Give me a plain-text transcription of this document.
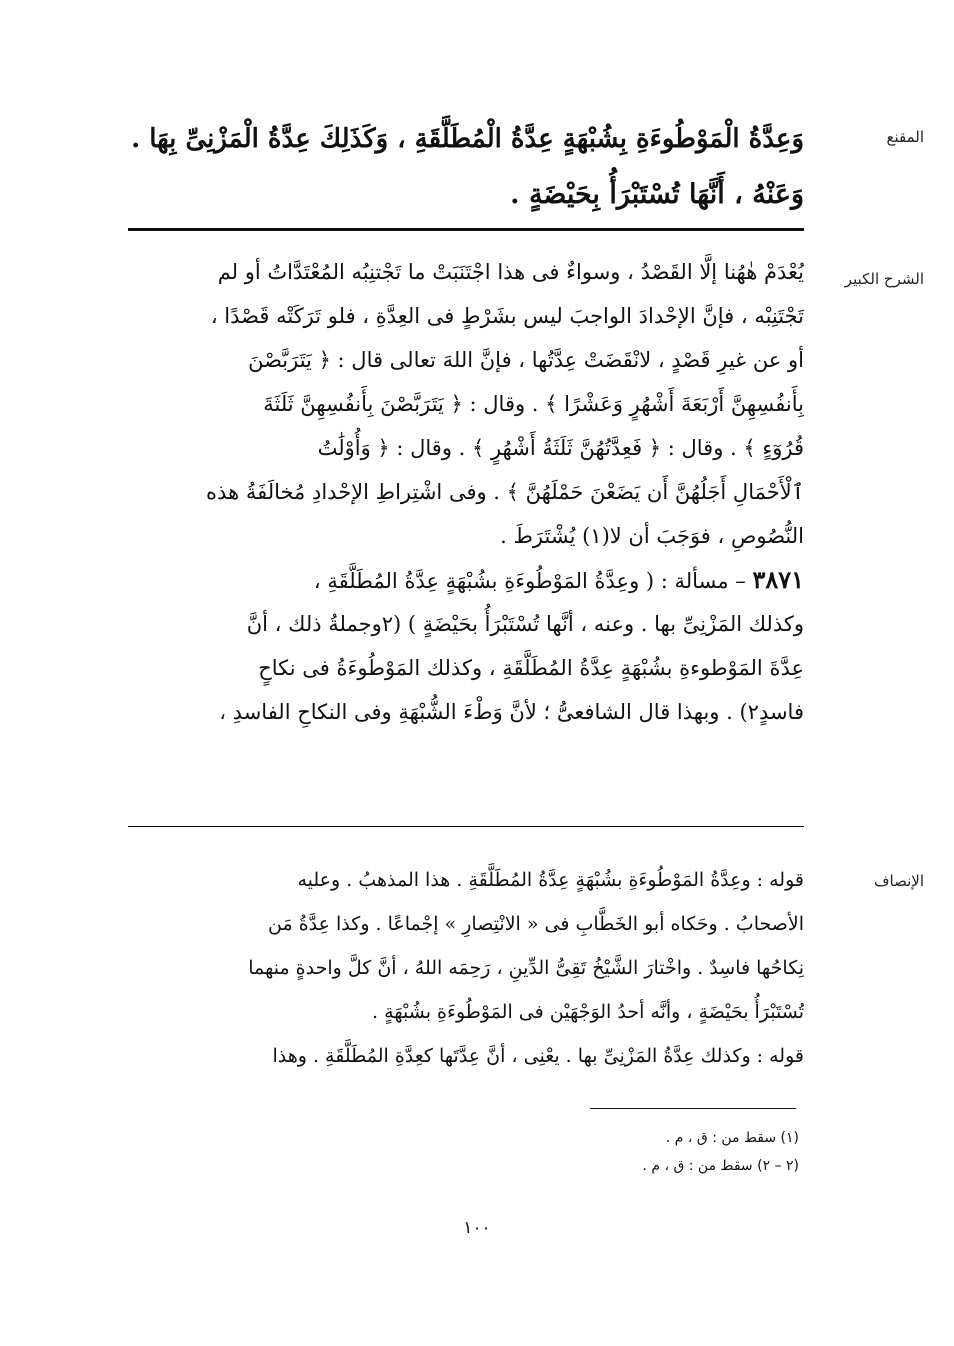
المقنع
وَعِدَّةُ الْمَوْطُوءَةِ بِشُبْهَةٍ عِدَّةُ الْمُطَلَّقَةِ ، وَكَذَلِكَ عِدَّةُ الْمَزْنِىِّ بِهَا .
وَعَنْهُ ، أَنَّهَا تُسْتَبْرَأُ بِحَيْضَةٍ .
الشرح الكبير
يُعْدَمْ هٰهُنا إلَّا القَصْدُ ، وسواءٌ فى هذا اجْتَنَبَتْ ما تَجْتنِبُه المُعْتَدَّاتُ أو لم
تَجْتَنِبْه ، فإنَّ الإحْدادَ الواجبَ ليس بشَرْطٍ فى العِدَّةِ ، فلو تَرَكَتْه قَصْدًا ،
أو عن غيرِ قَصْدٍ ، لانْقَضَتْ عِدَّتُها ، فإنَّ اللهَ تعالى قال : ﴿ يَتَرَبَّصْنَ
بِأَنفُسِهِنَّ أَرْبَعَةَ أَشْهُرٍ وَعَشْرًا ﴾ . وقال : ﴿ يَتَرَبَّصْنَ بِأَنفُسِهِنَّ ثَلَثَةَ
قُرُوٓءٍ ﴾ . وقال : ﴿ فَعِدَّتُهُنَّ ثَلَثَةُ أَشْهُرٍ ﴾ . وقال : ﴿ وَأُوْلَٰتُ
ٱلْأَحْمَالِ أَجَلُهُنَّ أَن يَضَعْنَ حَمْلَهُنَّ ﴾ . وفى اشْتِراطِ الإحْدادِ مُخالَفَةُ هذه
النُّصُوصِ ، فوَجَبَ أن لا(١) يُشْتَرَطَ .
٣٨٧١ – مسألة : ( وعِدَّةُ المَوْطُوءَةِ بشُبْهَةٍ عِدَّةُ المُطَلَّقَةِ ،
وكذلك المَزْنِىِّ بها . وعنه ، أنَّها تُسْتَبْرَأُ بحَيْضَةٍ ) (٢وجملةُ ذلك ، أنَّ
عِدَّةَ المَوْطوءةِ بشُبْهَةٍ عِدَّةُ المُطَلَّقَةِ ، وكذلك المَوْطُوءَةُ فى نكاحٍ
فاسدٍ٢) . وبهذا قال الشافعىُّ ؛ لأنَّ وَطْءَ الشُّبْهَةِ وفى النكاحِ الفاسدِ ،
الإنصاف
قوله : وعِدَّةُ المَوْطُوءَةِ بشُبْهَةٍ عِدَّةُ المُطَلَّقَةِ . هذا المذهبُ . وعليه
الأصحابُ . وحَكاه أبو الخَطَّابِ فى « الانْتِصارِ » إجْماعًا . وكذا عِدَّةُ مَن
نِكاحُها فاسِدٌ . واخْتارَ الشَّيْخُ تَقِىُّ الدِّينِ ، رَحِمَه اللهُ ، أنَّ كلَّ واحدةٍ منهما
تُسْتَبْرَأُ بحَيْضَةٍ ، وأنَّه أحدُ الوَجْهَيْن فى المَوْطُوءَةِ بشُبْهَةٍ .
قوله : وكذلك عِدَّةُ المَزْنِىِّ بها . يعْنِى ، أنَّ عِدَّتَها كعِدَّةِ المُطَلَّقَةِ . وهذا
(١) سقط من : ق ، م .
(٢ – ٢) سقط من : ق ، م .
١٠٠
